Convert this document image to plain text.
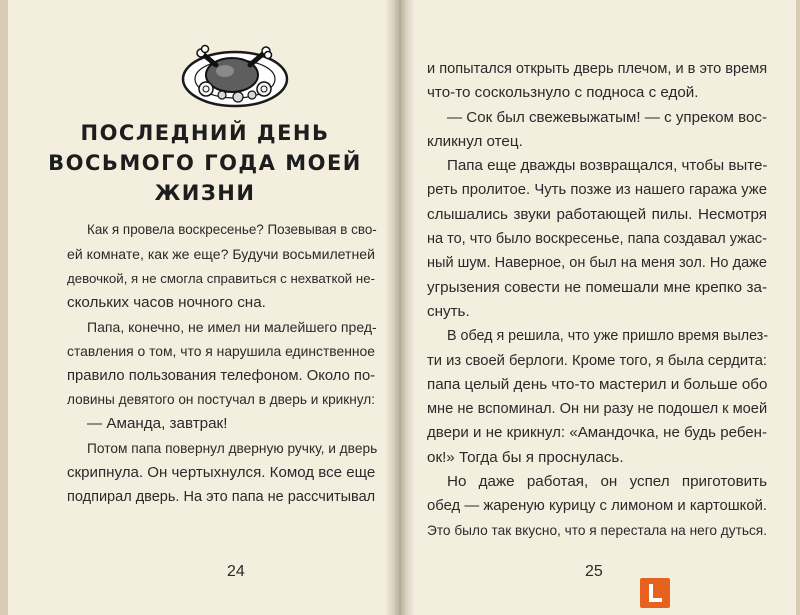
ПОСЛЕДНИЙ ДЕНЬ
ВОСЬМОГО ГОДА МОЕЙ ЖИЗНИ
Как я провела воскресенье? Позевывая в сво-
ей комнате, как же еще? Будучи восьмилетней
девочкой, я не смогла справиться с нехваткой не-
скольких часов ночного сна.
Папа, конечно, не имел ни малейшего пред-
ставления о том, что я нарушила единственное
правило пользования телефоном. Около по-
ловины девятого он постучал в дверь и крикнул:
— Аманда, завтрак!
Потом папа повернул дверную ручку, и дверь
скрипнула. Он чертыхнулся. Комод все еще
подпирал дверь. На это папа не рассчитывал
и попытался открыть дверь плечом, и в это время
что-то соскользнуло с подноса с едой.
— Сок был свежевыжатым! — с упреком вос-
кликнул отец.
Папа еще дважды возвращался, чтобы выте-
реть пролитое. Чуть позже из нашего гаража уже
слышались звуки работающей пилы. Несмотря
на то, что было воскресенье, папа создавал ужас-
ный шум. Наверное, он был на меня зол. Но даже
угрызения совести не помешали мне крепко за-
снуть.
В обед я решила, что уже пришло время вылез-
ти из своей берлоги. Кроме того, я была сердита:
папа целый день что-то мастерил и больше обо
мне не вспоминал. Он ни разу не подошел к моей
двери и не крикнул: «Амандочка, не будь ребен-
ок!» Тогда бы я проснулась.
Но даже работая, он успел приготовить
обед — жареную курицу с лимоном и картошкой.
Это было так вкусно, что я перестала на него дуться.
24	25
